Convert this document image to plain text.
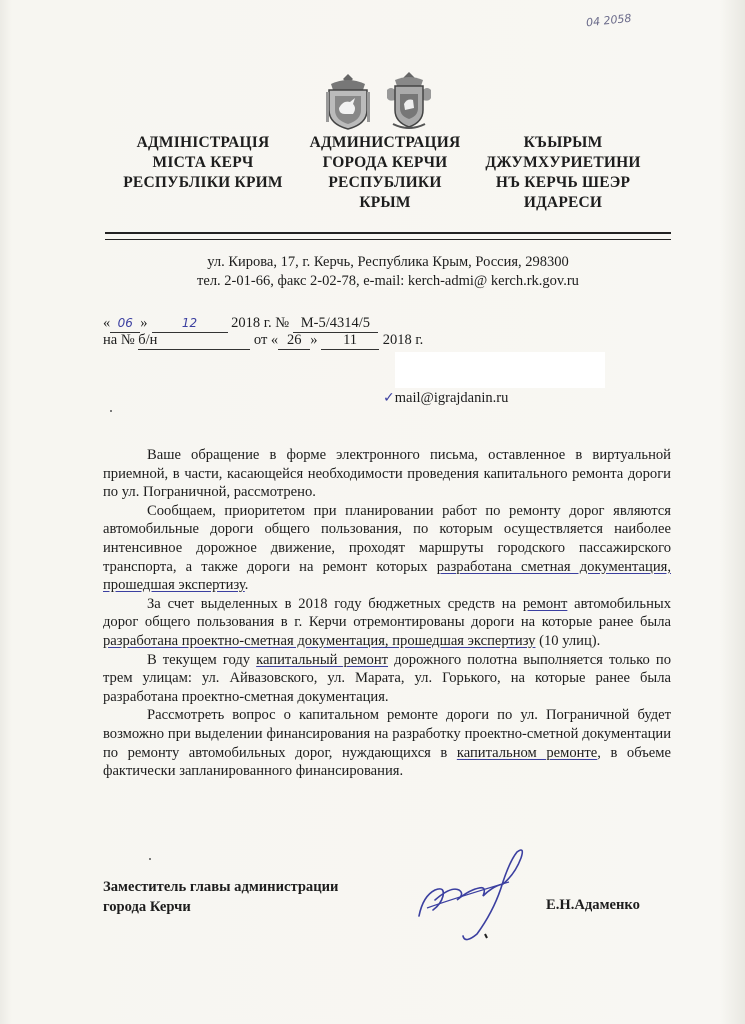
04 2058
АДМІНІСТРАЦІЯ
МІСТА КЕРЧ
РЕСПУБЛІКИ КРИМ
АДМИНИСТРАЦИЯ
ГОРОДА КЕРЧИ
РЕСПУБЛИКИ
КРЫМ
КЪЫРЫМ
ДЖУМХУРИЕТИНИ
НЪ КЕРЧЬ ШЕЭР
ИДАРЕСИ
ул. Кирова, 17, г. Керчь, Республика Крым, Россия, 298300
тел. 2-01-66, факс 2-02-78, e-mail: kerch-admi@ kerch.rk.gov.ru
« 06 »	12 2018 г. № М-5/4314/5
на № б/н	от « 26 » 11 2018 г.
✓mail@igrajdanin.ru

Ваше обращение в форме электронного письма, оставленное в виртуальной приемной, в части, касающейся необходимости проведения капитального ремонта дороги по ул. Пограничной, рассмотрено.

Сообщаем, приоритетом при планировании работ по ремонту дорог являются автомобильные дороги общего пользования, по которым осуществляется наиболее интенсивное дорожное движение, проходят маршруты городского пассажирского транспорта, а также дороги на ремонт которых разработана сметная документация, прошедшая экспертизу.

За счет выделенных в 2018 году бюджетных средств на ремонт автомобильных дорог общего пользования в г. Керчи отремонтированы дороги на которые ранее была разработана проектно-сметная документация, прошедшая экспертизу (10 улиц).

В текущем году капитальный ремонт дорожного полотна выполняется только по трем улицам: ул. Айвазовского, ул. Марата, ул. Горького, на которые ранее была разработана проектно-сметная документация.

Рассмотреть вопрос о капитальном ремонте дороги по ул. Пограничной будет возможно при выделении финансирования на разработку проектно-сметной документации по ремонту автомобильных дорог, нуждающихся в капитальном ремонте, в объеме фактически запланированного финансирования.

Заместитель главы администрации
города Керчи	Е.Н.Адаменко
